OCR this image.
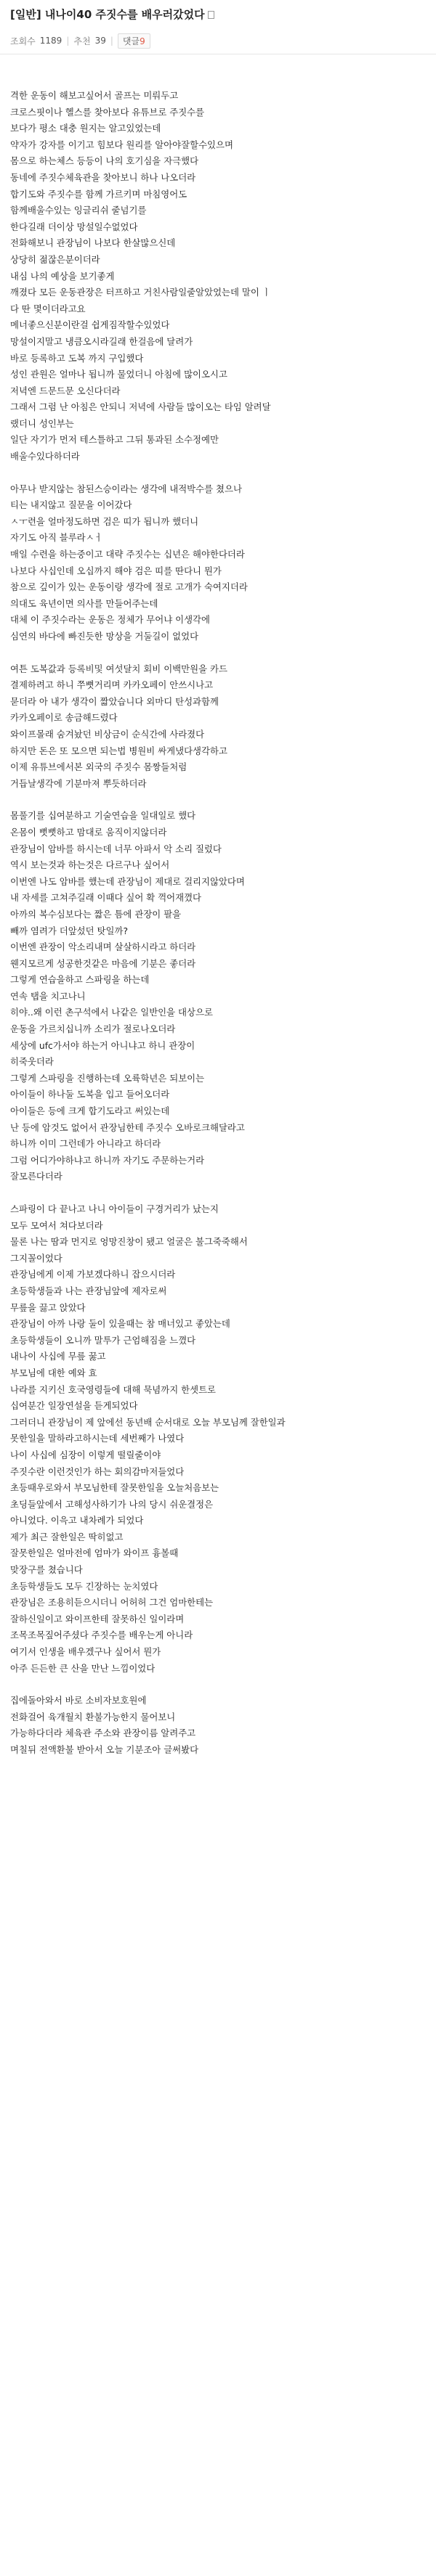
[일반] 내나이40 주짓수를 배우러갔었다
조회수 1189 | 추천 39 |	댓글9
격한 운동이 해보고싶어서 골프는 미뤄두고
크로스핏이나 헬스를 찾아보다 유튜브로 주짓수를
보다가 평소 대충 원지는 알고있었는데
약자가 강자를 이기고 힘보다 원리를 알아야잘할수있으며
몸으로 하는체스 등등이 나의 호기심을 자극했다
동네에 주짓수체육관을 찾아보니 하나 나오더라
합기도와 주짓수를 함께 가르키며 마침영어도
함께배울수있는 잉글리쉬 줄넘기를
한다길래 더이상 망설일수없었다
전화해보니 관장님이 나보다 한살많으신데
상당히 젊잖은분이더라
내심 나의 예상을 보기좋게
깨졌다 모든 운동관장은 터프하고 거친사람일줄알았었는데 말이 ㅣ
다 딴 몇이더라고요
메너좋으신분이란걸 쉽게짐작할수있었다
망설이지말고 냉큼오시라길래 한걸음에 달려가
바로 등록하고 도복 까지 구입했다
성인 관원은 얼마나 됩니까 물었더니 아침에 많이오시고
저녁엔 드문드문 오신다더라
그래서 그럼 난 아침은 안되니 저녁에 사람들 많이오는 타임 알려달
랬더니 성인부는
일단 자기가 먼저 테스틀하고 그뒤 통과된 소수정예만
배울수있다하더라
아무나 받지않는 참된스승이라는 생각에 내적박수를 쳤으나
티는 내지않고 질문을 이어갔다
ㅅㅜ련을 얼마정도하면 검은 띠가 됩니까 했더니
자기도 아직 블루라ㅅㅓ
매일 수련을 하는중이고 대략 주짓수는 십년은 해야한다더라
나보다 사십인데 오십까지 해야 검은 띠를 딴다니 뭔가
참으로 깊이가 있는 운동이랑 생각에 절로 고개가 숙여지더라
의대도 육년이면 의사를 만들어주는데
대체 이 주짓수라는 운동은 정체가 무어냐 이생각에
심연의 바다에 빠진듯한 망상을 거둘길이 없었다
여튼 도복값과 등록비및 여섯달치 회비 이백만원을 카드
결제하려고 하니 쭈뼛거리며 카카오페이 안쓰시나고
묻더라 아 내가 생각이 짧았습니다 외마디 탄성과함께
카카오페이로 송금해드렸다
와이프몰래 숨겨놨던 비상금이 순식간에 사라졌다
하지만 돈은 또 모으면 되는법 병원비 싸게냈다생각하고
이제 유튜브에서본 외국의 주짓수 몸짱들처럼
거듭날생각에 기분마져 뿌듯하더라
몸풀기를 십여분하고 기술연습을 일대일로 했다
온몸이 뻣뻣하고 맘대로 움직이지않더라
관장님이 암바를 하시는데 너무 아파서 악 소리 질렀다
역시 보는것과 하는것은 다르구나 싶어서
이번엔 나도 암바를 했는데 관장님이 제대로 걸리지않았다며
내 자세를 고쳐주길래 이때다 싶어 확 꺽어재꼈다
아까의 복수심보다는 짧은 틈에 관장이 팔을
빼까 염려가 더앞섰던 탓일까?
이번엔 관장이 악소리내며 살살하시라고 하더라
웬지모르게 성공한것같은 마음에 기분은 좋더라
그렇게 연습을하고 스파링을 하는데
연속 탭을 치고나니
히야..왜 이런 촌구석에서 나같은 일반인을 대상으로
운동을 가르치십니까 소리가 절로나오더라
세상에 ufc가서야 하는거 아니냐고 하니 관장이
히죽웃더라
그렇게 스파링을 진행하는데 오륙학년은 되보이는
아이들이 하나둘 도복을 입고 들어오더라
아이들은 등에 크게 합기도라고 써있는데
난 등에 암것도 없어서 관장님한테 주짓수 오바로크해달라고
하니까 이미 그런데가 아니라고 하더라
그럼 어디가야하냐고 하니까 자기도 주문하는거라
잘모른다더라
스파링이 다 끝나고 나니 아이들이 구경거리가 났는지
모두 모여서 쳐다보더라
물론 나는 땀과 먼지로 엉망진창이 됐고 얼굴은 불그죽죽해서
그지꼴이었다
관장님에게 이제 가보겠다하니 잡으시더라
초등학생들과 나는 관장님앞에 제자로써
무릎을 끓고 앉았다
관장님이 아까 나랑 둘이 있을때는 참 매너있고 좋았는데
초등학생들이 오니까 말투가 근엄해짐을 느꼈다
내나이 사십에 무릎 꿇고
부모님에 대한 예와 효
나라를 지키신 호국영령들에 대해 묵념까지 한셋트로
십여분간 일장연설을 듣게되었다
그러더니 관장님이 제 앞에선 동년배 순서대로 오늘 부모님께 잘한일과
못한일을 말하라고하시는데 세번째가 나였다
나이 사십에 심장이 이렇게 떨릴줄이야
주짓수란 이런것인가 하는 회의감마저들었다
초등때우로와서 부모님한테 잘못한일을 오늘처음보는
초딩들앞에서 고해성사하기가 나의 당시 쉬운결정은
아니었다. 이윽고 내차례가 되었다
제가 최근 잘한일은 딱히없고
잘못한일은 얼마전에 엄마가 와이프 흉볼때
맞장구를 쳤습니다
초등학생들도 모두 긴장하는 눈치였다
관장님은 조용히듣으시더니 어허허 그건 엄마한테는
잘하신일이고 와이프한테 잘못하신 일이라며
조목조목짚어주셨다 주짓수를 배우는게 아니라
여기서 인생을 배우겠구나 싶어서 뭔가
아주 든든한 큰 산을 만난 느낌이었다
집에돌아와서 바로 소비자보호원에
전화걸어 육개월치 환불가능한지 물어보니
가능하다더라 체육관 주소와 관장이름 알려주고
며칠뒤 전액환불 받아서 오늘 기분조아 글써봤다
